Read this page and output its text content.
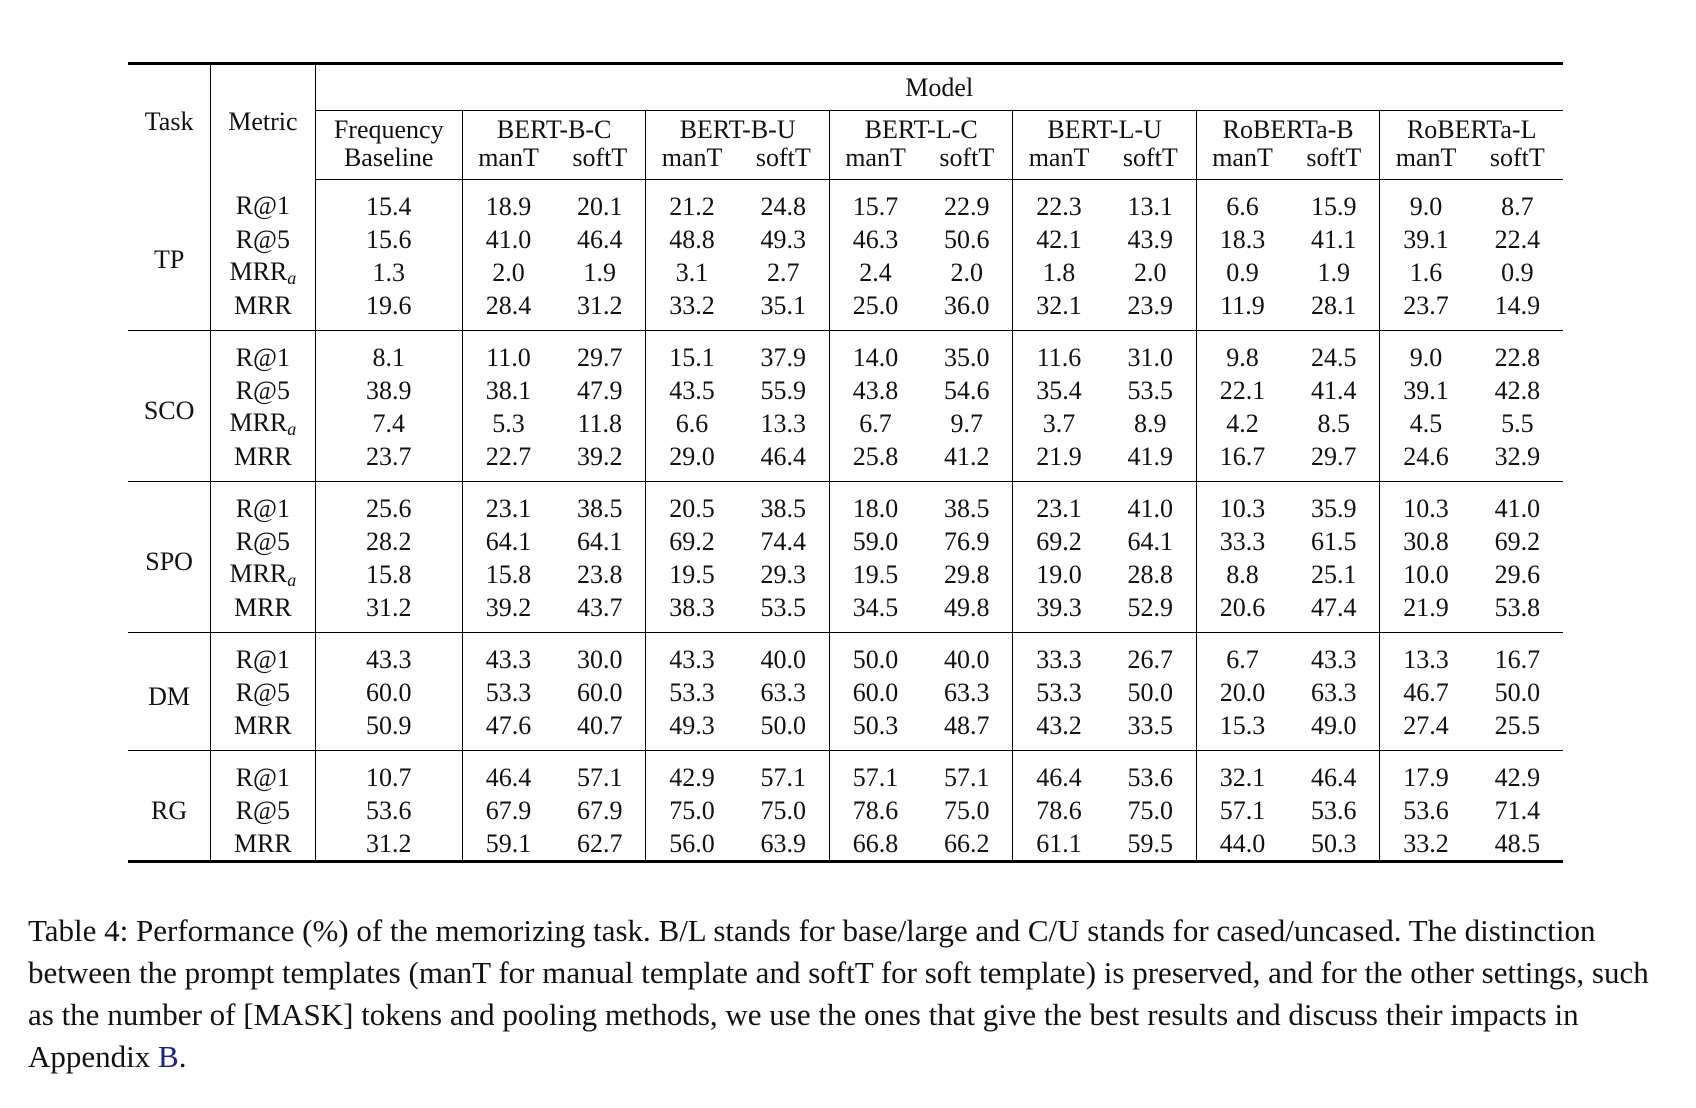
Task	Metric	Model												
		Frequency	BERT-B-C		BERT-B-U		BERT-L-C		BERT-L-U		RoBERTa-B		RoBERTa-L	
		Baseline	manT	softT	manT	softT	manT	softT	manT	softT	manT	softT	manT	softT
TP	R@1	15.4	18.9	20.1	21.2	24.8	15.7	22.9	22.3	13.1	6.6	15.9	9.0	8.7
	R@5	15.6	41.0	46.4	48.8	49.3	46.3	50.6	42.1	43.9	18.3	41.1	39.1	22.4
	MRRa	1.3	2.0	1.9	3.1	2.7	2.4	2.0	1.8	2.0	0.9	1.9	1.6	0.9
	MRR	19.6	28.4	31.2	33.2	35.1	25.0	36.0	32.1	23.9	11.9	28.1	23.7	14.9
SCO	R@1	8.1	11.0	29.7	15.1	37.9	14.0	35.0	11.6	31.0	9.8	24.5	9.0	22.8
	R@5	38.9	38.1	47.9	43.5	55.9	43.8	54.6	35.4	53.5	22.1	41.4	39.1	42.8
	MRRa	7.4	5.3	11.8	6.6	13.3	6.7	9.7	3.7	8.9	4.2	8.5	4.5	5.5
	MRR	23.7	22.7	39.2	29.0	46.4	25.8	41.2	21.9	41.9	16.7	29.7	24.6	32.9
SPO	R@1	25.6	23.1	38.5	20.5	38.5	18.0	38.5	23.1	41.0	10.3	35.9	10.3	41.0
	R@5	28.2	64.1	64.1	69.2	74.4	59.0	76.9	69.2	64.1	33.3	61.5	30.8	69.2
	MRRa	15.8	15.8	23.8	19.5	29.3	19.5	29.8	19.0	28.8	8.8	25.1	10.0	29.6
	MRR	31.2	39.2	43.7	38.3	53.5	34.5	49.8	39.3	52.9	20.6	47.4	21.9	53.8
DM	R@1	43.3	43.3	30.0	43.3	40.0	50.0	40.0	33.3	26.7	6.7	43.3	13.3	16.7
	R@5	60.0	53.3	60.0	53.3	63.3	60.0	63.3	53.3	50.0	20.0	63.3	46.7	50.0
	MRR	50.9	47.6	40.7	49.3	50.0	50.3	48.7	43.2	33.5	15.3	49.0	27.4	25.5
RG	R@1	10.7	46.4	57.1	42.9	57.1	57.1	57.1	46.4	53.6	32.1	46.4	17.9	42.9
	R@5	53.6	67.9	67.9	75.0	75.0	78.6	75.0	78.6	75.0	57.1	53.6	53.6	71.4
	MRR	31.2	59.1	62.7	56.0	63.9	66.8	66.2	61.1	59.5	44.0	50.3	33.2	48.5
Table 4: Performance (%) of the memorizing task. B/L stands for base/large and C/U stands for cased/uncased. The distinction between the prompt templates (manT for manual template and softT for soft template) is preserved, and for the other settings, such as the number of [MASK] tokens and pooling methods, we use the ones that give the best results and discuss their impacts in Appendix B.
